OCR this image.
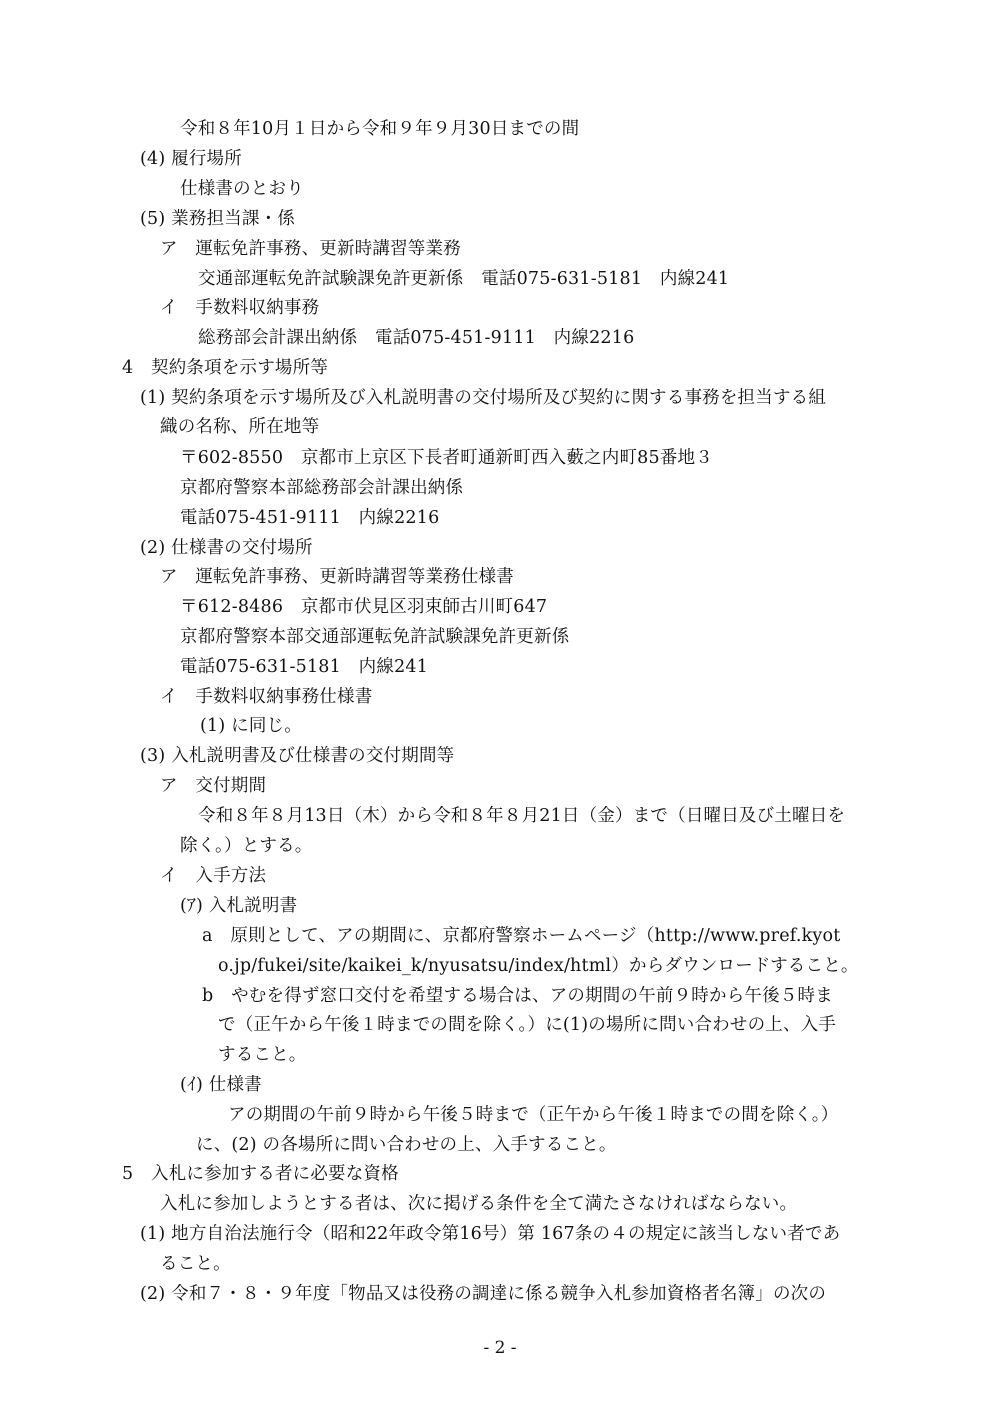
令和８年10月１日から令和９年９月30日までの間
(4) 履行場所
仕様書のとおり
(5) 業務担当課・係
ア　運転免許事務、更新時講習等業務
交通部運転免許試験課免許更新係　電話075-631-5181　内線241
イ　手数料収納事務
総務部会計課出納係　電話075-451-9111　内線2216
4　契約条項を示す場所等
(1) 契約条項を示す場所及び入札説明書の交付場所及び契約に関する事務を担当する組
織の名称、所在地等
〒602-8550　京都市上京区下長者町通新町西入藪之内町85番地３
京都府警察本部総務部会計課出納係
電話075-451-9111　内線2216
(2) 仕様書の交付場所
ア　運転免許事務、更新時講習等業務仕様書
〒612-8486　京都市伏見区羽束師古川町647
京都府警察本部交通部運転免許試験課免許更新係
電話075-631-5181　内線241
イ　手数料収納事務仕様書
(1) に同じ。
(3) 入札説明書及び仕様書の交付期間等
ア　交付期間
令和８年８月13日（木）から令和８年８月21日（金）まで（日曜日及び土曜日を
除く。）とする。
イ　入手方法
(ｱ) 入札説明書
a　原則として、アの期間に、京都府警察ホームページ（http://www.pref.kyot
o.jp/fukei/site/kaikei_k/nyusatsu/index/html）からダウンロードすること。
b　やむを得ず窓口交付を希望する場合は、アの期間の午前９時から午後５時ま
で（正午から午後１時までの間を除く。）に(1)の場所に問い合わせの上、入手
すること。
(ｲ) 仕様書
アの期間の午前９時から午後５時まで（正午から午後１時までの間を除く。）
に、(2) の各場所に問い合わせの上、入手すること。
5　入札に参加する者に必要な資格
入札に参加しようとする者は、次に掲げる条件を全て満たさなければならない。
(1) 地方自治法施行令（昭和22年政令第16号）第 167条の４の規定に該当しない者であ
ること。
(2) 令和７・８・９年度「物品又は役務の調達に係る競争入札参加資格者名簿」の次の
- 2 -
